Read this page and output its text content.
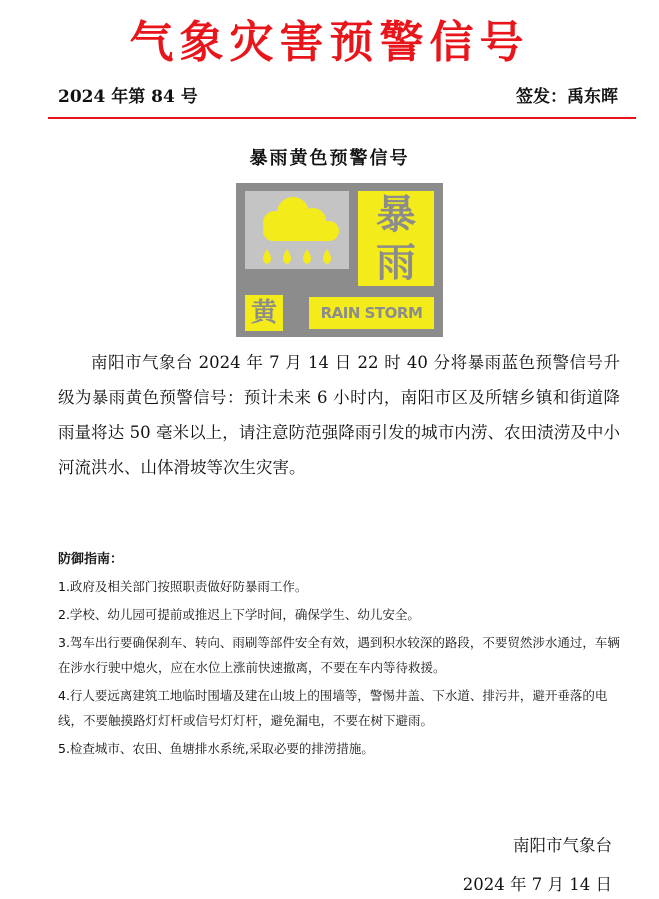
气象灾害预警信号
2024 年第 84 号	签发：禹东晖
暴雨黄色预警信号
暴
雨
黄	RAIN STORM
南阳市气象台 2024 年 7 月 14 日 22 时 40 分将暴雨蓝色预警信号升级为暴雨黄色预警信号：预计未来 6 小时内，南阳市区及所辖乡镇和街道降雨量将达 50 毫米以上，请注意防范强降雨引发的城市内涝、农田渍涝及中小河流洪水、山体滑坡等次生灾害。
防御指南：
1.政府及相关部门按照职责做好防暴雨工作。
2.学校、幼儿园可提前或推迟上下学时间，确保学生、幼儿安全。
3.驾车出行要确保刹车、转向、雨刷等部件安全有效，遇到积水较深的路段，不要贸然涉水通过，车辆在涉水行驶中熄火，应在水位上涨前快速撤离，不要在车内等待救援。
4.行人要远离建筑工地临时围墙及建在山坡上的围墙等，警惕井盖、下水道、排污井，避开垂落的电线，不要触摸路灯灯杆或信号灯灯杆，避免漏电，不要在树下避雨。
5.检查城市、农田、鱼塘排水系统,采取必要的排涝措施。
南阳市气象台
2024 年 7 月 14 日
